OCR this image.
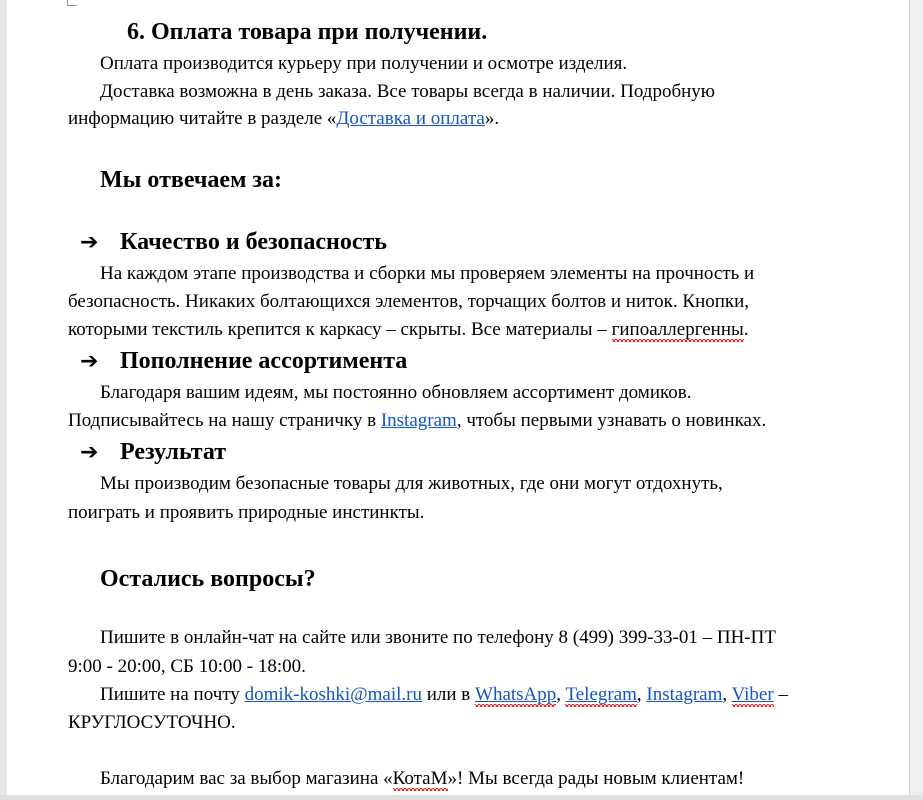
6. Оплата товара при получении.
Оплата производится курьеру при получении и осмотре изделия.
Доставка возможна в день заказа. Все товары всегда в наличии. Подробную
информацию читайте в разделе «Доставка и оплата».
Мы отвечаем за:
➔ Качество и безопасность
На каждом этапе производства и сборки мы проверяем элементы на прочность и
безопасность. Никаких болтающихся элементов, торчащих болтов и ниток. Кнопки,
которыми текстиль крепится к каркасу – скрыты. Все материалы – гипоаллергенны.
➔ Пополнение ассортимента
Благодаря вашим идеям, мы постоянно обновляем ассортимент домиков.
Подписывайтесь на нашу страничку в Instagram, чтобы первыми узнавать о новинках.
➔ Результат
Мы производим безопасные товары для животных, где они могут отдохнуть,
поиграть и проявить природные инстинкты.
Остались вопросы?
Пишите в онлайн-чат на сайте или звоните по телефону 8 (499) 399-33-01 – ПН-ПТ
9:00 - 20:00, СБ 10:00 - 18:00.
Пишите на почту domik-koshki@mail.ru или в WhatsApp, Telegram, Instagram, Viber –
КРУГЛОСУТОЧНО.
Благодарим вас за выбор магазина «КотаМ»! Мы всегда рады новым клиентам!
